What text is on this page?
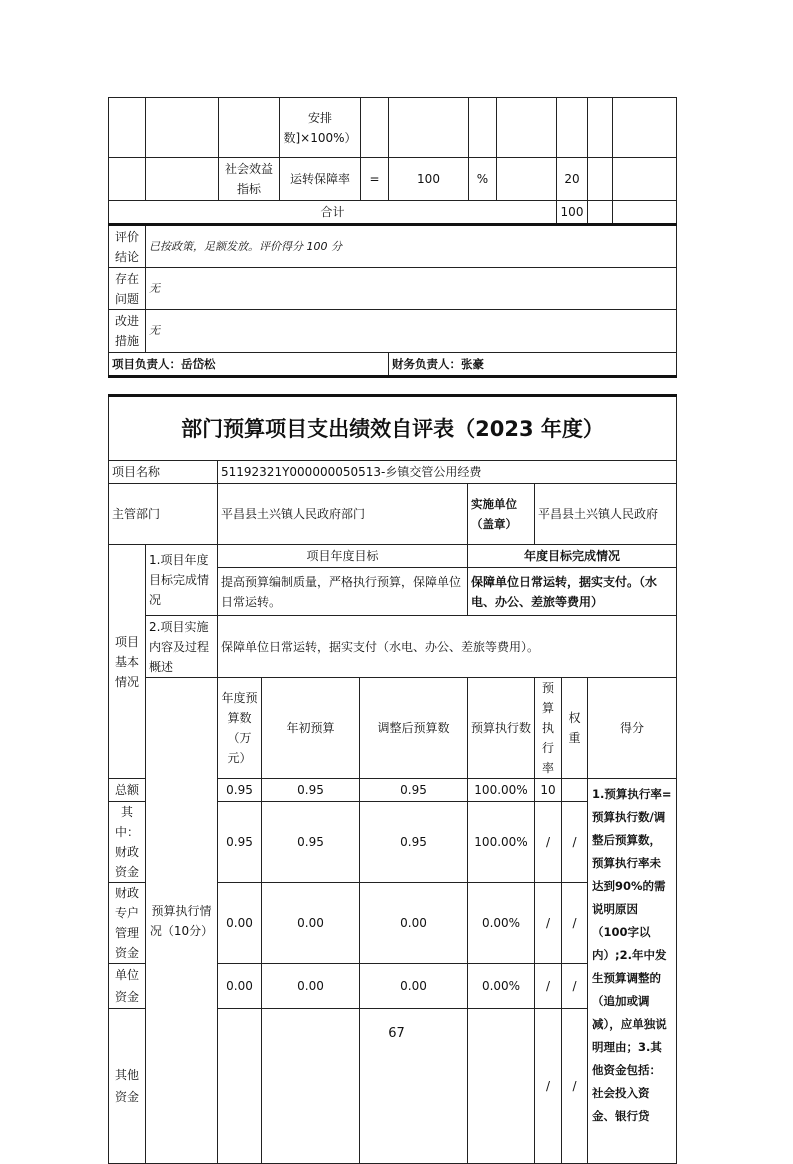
			安排数]×100%）							
		社会效益指标	运转保障率	=	100	%		20		
合计								100		
评价结论	已按政策，足额发放。评价得分 100 分									
存在问题	无									
改进措施	无									
项目负责人：岳岱松					财务负责人：张豪					
部门预算项目支出绩效自评表（2023 年度）									
项目名称		51192321Y000000050513-乡镇交管公用经费							
主管部门		平昌县土兴镇人民政府部门			实施单位（盖章）	平昌县土兴镇人民政府			
项目基本情况	1.项目年度目标完成情况	项目年度目标			年度目标完成情况				
		提高预算编制质量，严格执行预算，保障单位日常运转。			保障单位日常运转，据实支付。（水电、办公、差旅等费用）				
	2.项目实施内容及过程概述	保障单位日常运转，据实支付（水电、办公、差旅等费用）。							
	预算执行情况（10分）	年度预算数（万元）	年初预算	调整后预算数	预算执行数	预算执行率	权重	得分	
总额		0.95	0.95	0.95	100.00%	10		1.预算执行率=预算执行数/调整后预算数，预算执行率未达到90%的需说明原因（100字以内）;2.年中发生预算调整的（追加或调减），应单独说明理由；3.其他资金包括：社会投入资金、银行贷	
其中：财政资金		0.95	0.95	0.95	100.00%	/	/		
财政专户管理资金		0.00	0.00	0.00	0.00%	/	/		
单位资金		0.00	0.00	0.00	0.00%	/	/		
其他资金						/	/		
67
